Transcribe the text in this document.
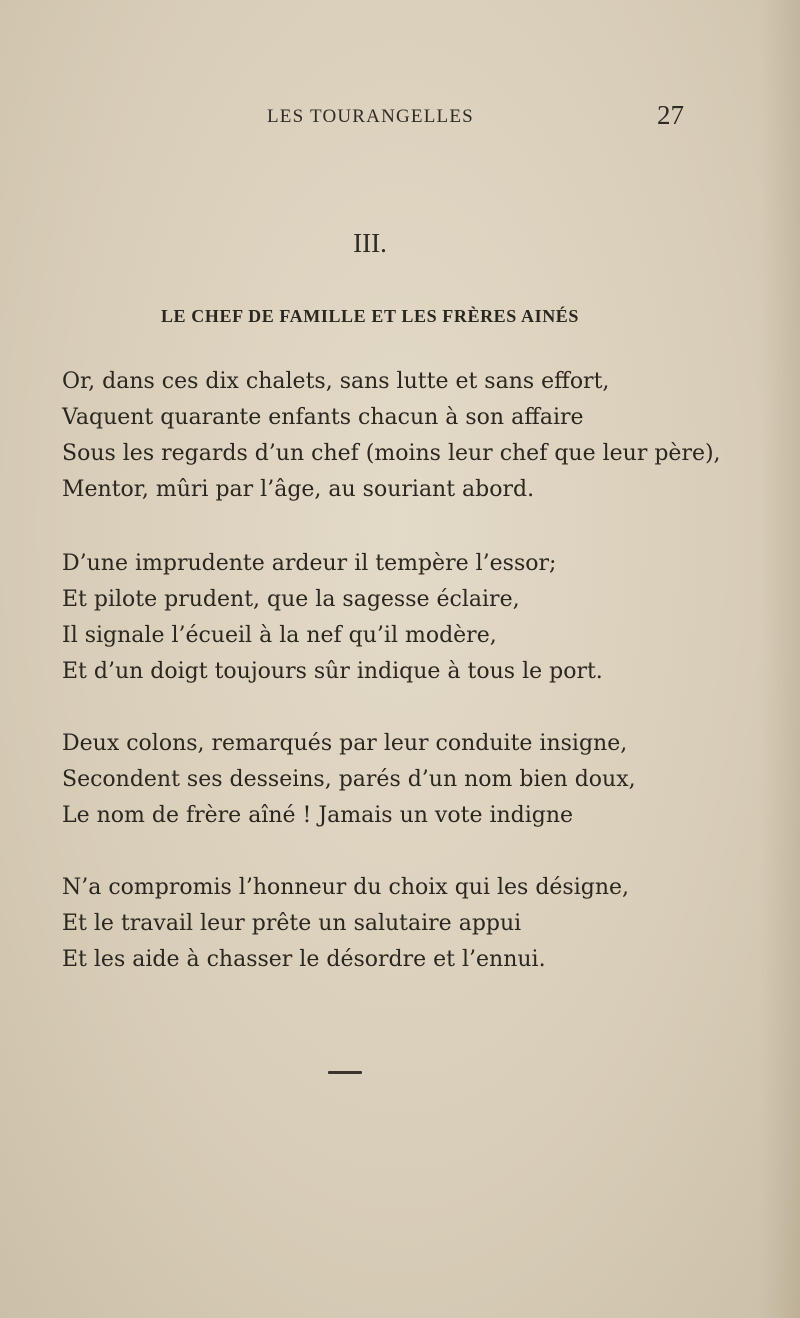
LES TOURANGELLES	27
III.
LE CHEF DE FAMILLE ET LES FRÈRES AINÉS
Or, dans ces dix chalets, sans lutte et sans effort,
Vaquent quarante enfants chacun à son affaire
Sous les regards d’un chef (moins leur chef que leur père),
Mentor, mûri par l’âge, au souriant abord.
D’une imprudente ardeur il tempère l’essor;
Et pilote prudent, que la sagesse éclaire,
Il signale l’écueil à la nef qu’il modère,
Et d’un doigt toujours sûr indique à tous le port.
Deux colons, remarqués par leur conduite insigne,
Secondent ses desseins, parés d’un nom bien doux,
Le nom de frère aîné ! Jamais un vote indigne
N’a compromis l’honneur du choix qui les désigne,
Et le travail leur prête un salutaire appui
Et les aide à chasser le désordre et l’ennui.
